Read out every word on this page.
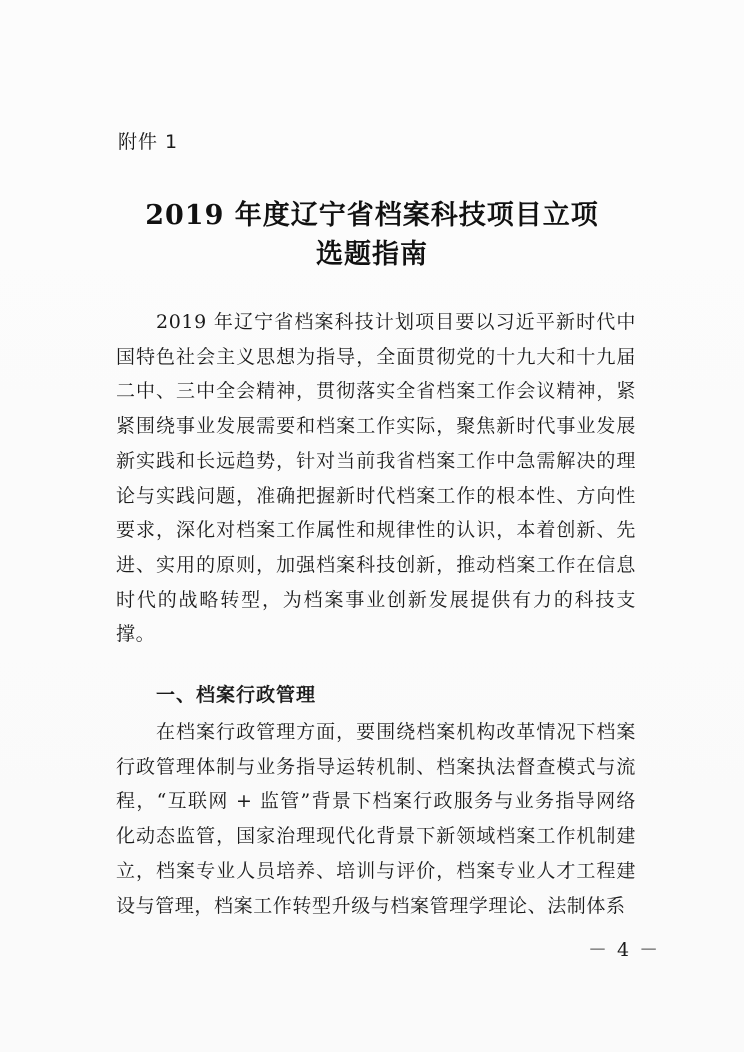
附件 1
2019 年度辽宁省档案科技项目立项
选题指南
2019 年辽宁省档案科技计划项目要以习近平新时代中国特色社会主义思想为指导，全面贯彻党的十九大和十九届二中、三中全会精神，贯彻落实全省档案工作会议精神，紧紧围绕事业发展需要和档案工作实际，聚焦新时代事业发展新实践和长远趋势，针对当前我省档案工作中急需解决的理论与实践问题，准确把握新时代档案工作的根本性、方向性要求，深化对档案工作属性和规律性的认识，本着创新、先进、实用的原则，加强档案科技创新，推动档案工作在信息时代的战略转型，为档案事业创新发展提供有力的科技支撑。
一、档案行政管理
在档案行政管理方面，要围绕档案机构改革情况下档案行政管理体制与业务指导运转机制、档案执法督查模式与流程，“互联网 + 监管”背景下档案行政服务与业务指导网络化动态监管，国家治理现代化背景下新领域档案工作机制建立，档案专业人员培养、培训与评价，档案专业人才工程建设与管理，档案工作转型升级与档案管理学理论、法制体系
－ 4 －
